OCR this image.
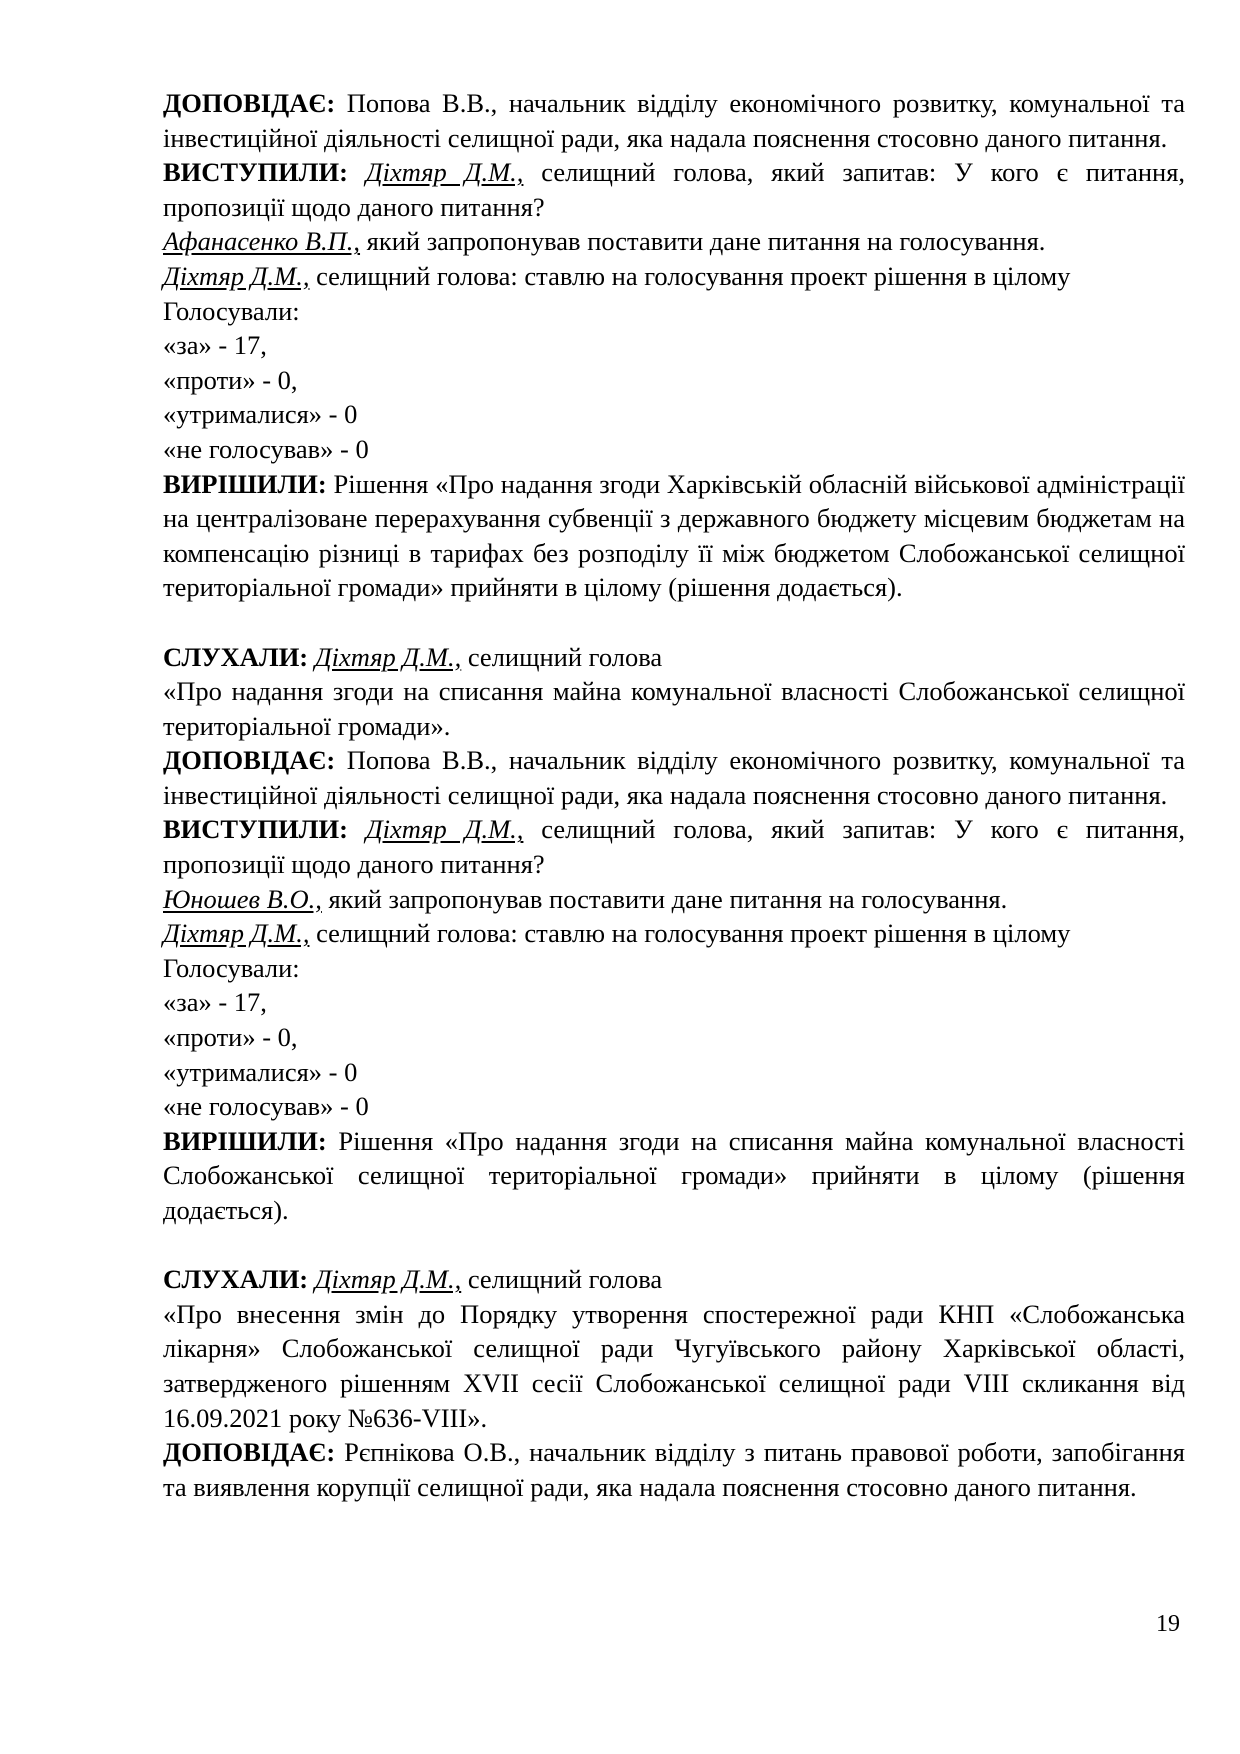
ДОПОВІДАЄ: Попова В.В., начальник відділу економічного розвитку, комунальної та інвестиційної діяльності селищної ради, яка надала пояснення стосовно даного питання.

ВИСТУПИЛИ: Діхтяр Д.М., селищний голова, який запитав: У кого є питання, пропозиції щодо даного питання?

Афанасенко В.П., який запропонував поставити дане питання на голосування.

Діхтяр Д.М., селищний голова: ставлю на голосування проект рішення в цілому

Голосували:

«за» - 17,

«проти» - 0,

«утрималися» - 0

«не голосував» - 0

ВИРІШИЛИ: Рішення «Про надання згоди Харківській обласній військової адміністрації на централізоване перерахування субвенції з державного бюджету місцевим бюджетам на компенсацію різниці в тарифах без розподілу її між бюджетом Слобожанської селищної територіальної громади» прийняти в цілому (рішення додається).

СЛУХАЛИ: Діхтяр Д.М., селищний голова

«Про надання згоди на списання майна комунальної власності Слобожанської селищної територіальної громади».

ДОПОВІДАЄ: Попова В.В., начальник відділу економічного розвитку, комунальної та інвестиційної діяльності селищної ради, яка надала пояснення стосовно даного питання.

ВИСТУПИЛИ: Діхтяр Д.М., селищний голова, який запитав: У кого є питання, пропозиції щодо даного питання?

Юношев В.О., який запропонував поставити дане питання на голосування.

Діхтяр Д.М., селищний голова: ставлю на голосування проект рішення в цілому

Голосували:

«за» - 17,

«проти» - 0,

«утрималися» - 0

«не голосував» - 0

ВИРІШИЛИ: Рішення «Про надання згоди на списання майна комунальної власності Слобожанської селищної територіальної громади» прийняти в цілому (рішення додається).

СЛУХАЛИ: Діхтяр Д.М., селищний голова

«Про внесення змін до Порядку утворення спостережної ради КНП «Слобожанська лікарня» Слобожанської селищної ради Чугуївського району Харківської області, затвердженого рішенням XVII сесії Слобожанської селищної ради VIII скликання від 16.09.2021 року №636-VIII».

ДОПОВІДАЄ: Рєпнікова О.В., начальник відділу з питань правової роботи, запобігання та виявлення корупції селищної ради, яка надала пояснення стосовно даного питання.

19
